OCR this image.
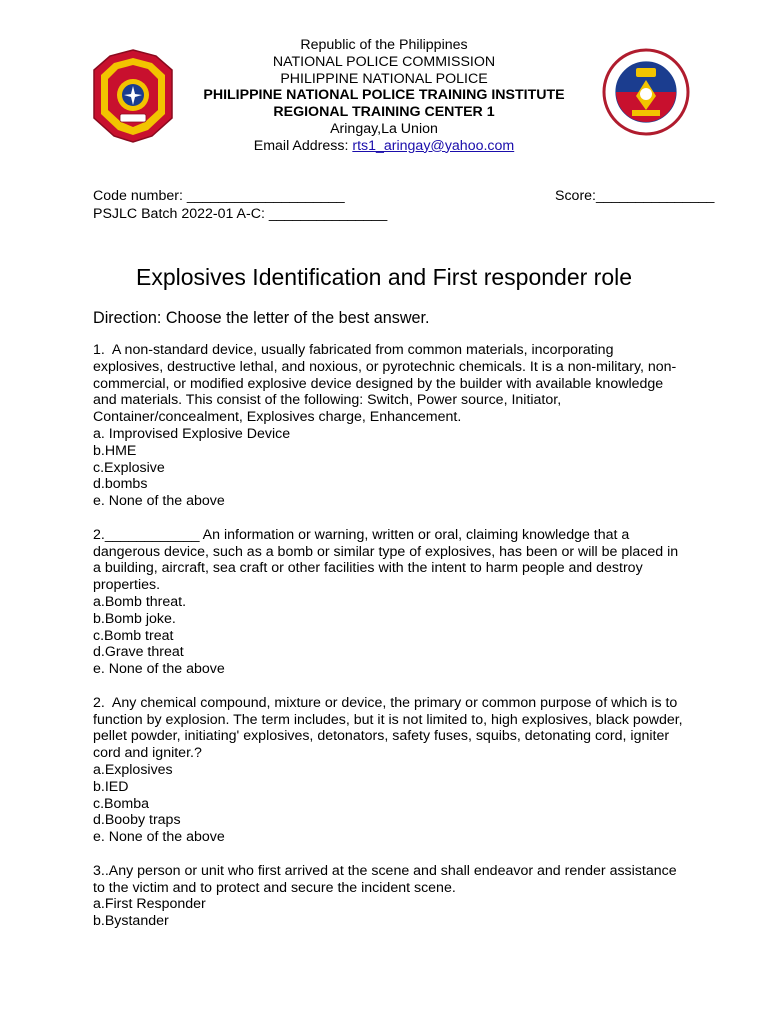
Republic of the Philippines
NATIONAL POLICE COMMISSION
PHILIPPINE NATIONAL POLICE
PHILIPPINE NATIONAL POLICE TRAINING INSTITUTE
REGIONAL TRAINING CENTER 1
Aringay,La Union
Email Address: rts1_aringay@yahoo.com
Code number: ____________________	Score:_______________
PSJLC Batch 2022-01 A-C: _______________
Explosives Identification and First responder role
Direction: Choose the letter of the best answer.
1.  A non-standard device, usually fabricated from common materials, incorporating explosives, destructive lethal, and noxious, or pyrotechnic chemicals. It is a non-military, non-commercial, or modified explosive device designed by the builder with available knowledge and materials. This consist of the following: Switch, Power source, Initiator, Container/concealment, Explosives charge, Enhancement.
a. Improvised Explosive Device
b.HME
c.Explosive
d.bombs
e. None of the above
2.____________ An information or warning, written or oral, claiming knowledge that a dangerous device, such as a bomb or similar type of explosives, has been or will be placed in a building, aircraft, sea craft or other facilities with the intent to harm people and destroy properties.
a.Bomb threat.
b.Bomb joke.
c.Bomb treat
d.Grave threat
e. None of the above
2.  Any chemical compound, mixture or device, the primary or common purpose of which is to function by explosion. The term includes, but it is not limited to, high explosives, black powder, pellet powder, initiating' explosives, detonators, safety fuses, squibs, detonating cord, igniter cord and igniter.?
a.Explosives
b.IED
c.Bomba
d.Booby traps
e. None of the above
3..Any person or unit who first arrived at the scene and shall endeavor and render assistance to the victim and to protect and secure the incident scene.
a.First Responder
b.Bystander
